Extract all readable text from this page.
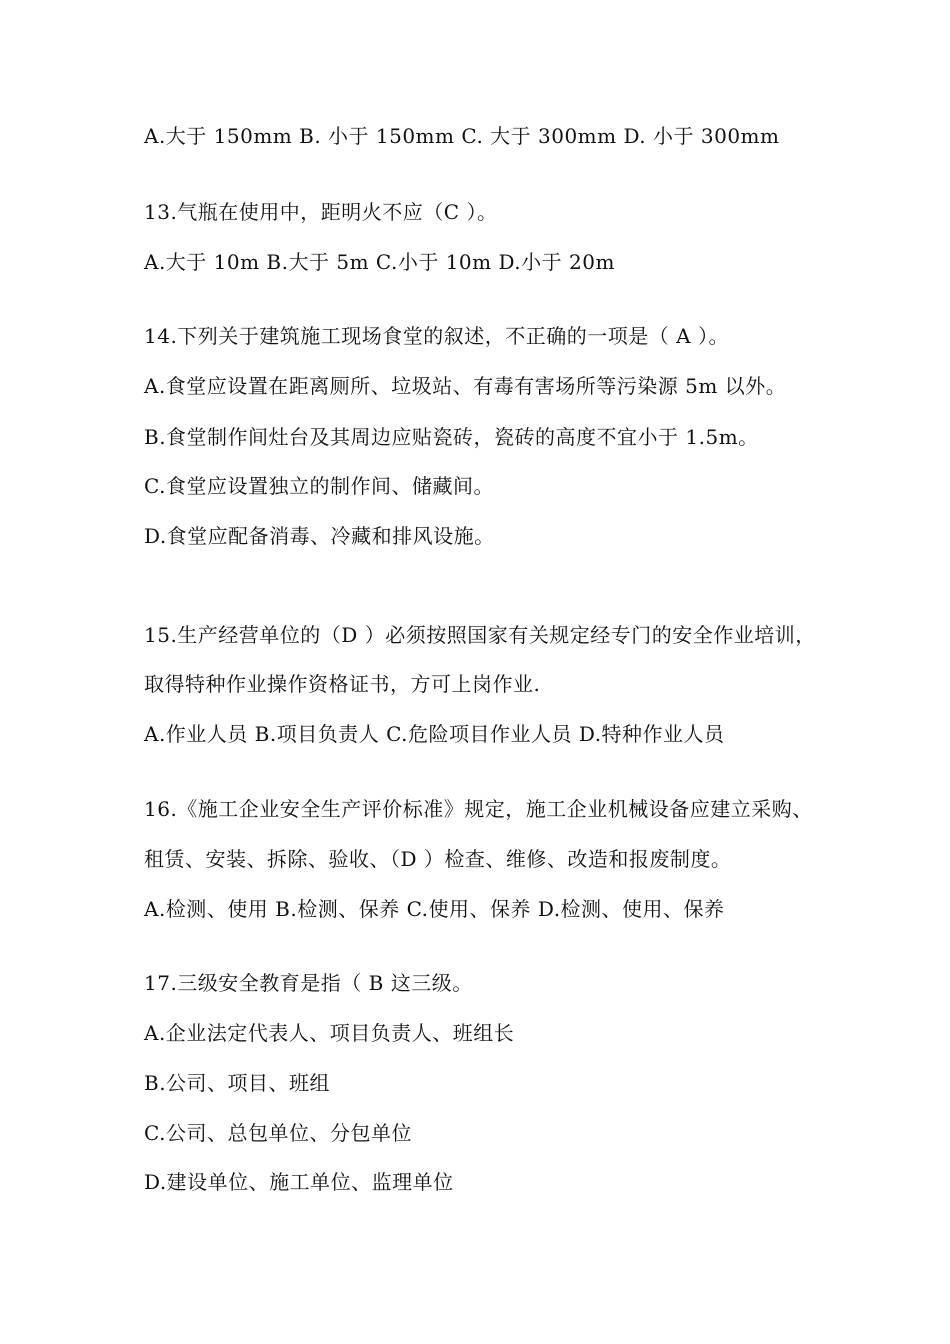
A.大于 150mm B. 小于 150mm C. 大于 300mm D. 小于 300mm
13.气瓶在使用中，距明火不应（C ）。
A.大于 10m B.大于 5m C.小于 10m D.小于 20m
14.下列关于建筑施工现场食堂的叙述，不正确的一项是（ A ）。
A.食堂应设置在距离厕所、垃圾站、有毒有害场所等污染源 5m 以外。
B.食堂制作间灶台及其周边应贴瓷砖，瓷砖的高度不宜小于 1.5m。
C.食堂应设置独立的制作间、储藏间。
D.食堂应配备消毒、冷藏和排风设施。
15.生产经营单位的（D ）必须按照国家有关规定经专门的安全作业培训，
取得特种作业操作资格证书，方可上岗作业.
A.作业人员 B.项目负责人 C.危险项目作业人员 D.特种作业人员
16.《施工企业安全生产评价标准》规定，施工企业机械设备应建立采购、
租赁、安装、拆除、验收、（D ）检查、维修、改造和报废制度。
A.检测、使用 B.检测、保养 C.使用、保养 D.检测、使用、保养
17.三级安全教育是指（ B 这三级。
A.企业法定代表人、项目负责人、班组长
B.公司、项目、班组
C.公司、总包单位、分包单位
D.建设单位、施工单位、监理单位
